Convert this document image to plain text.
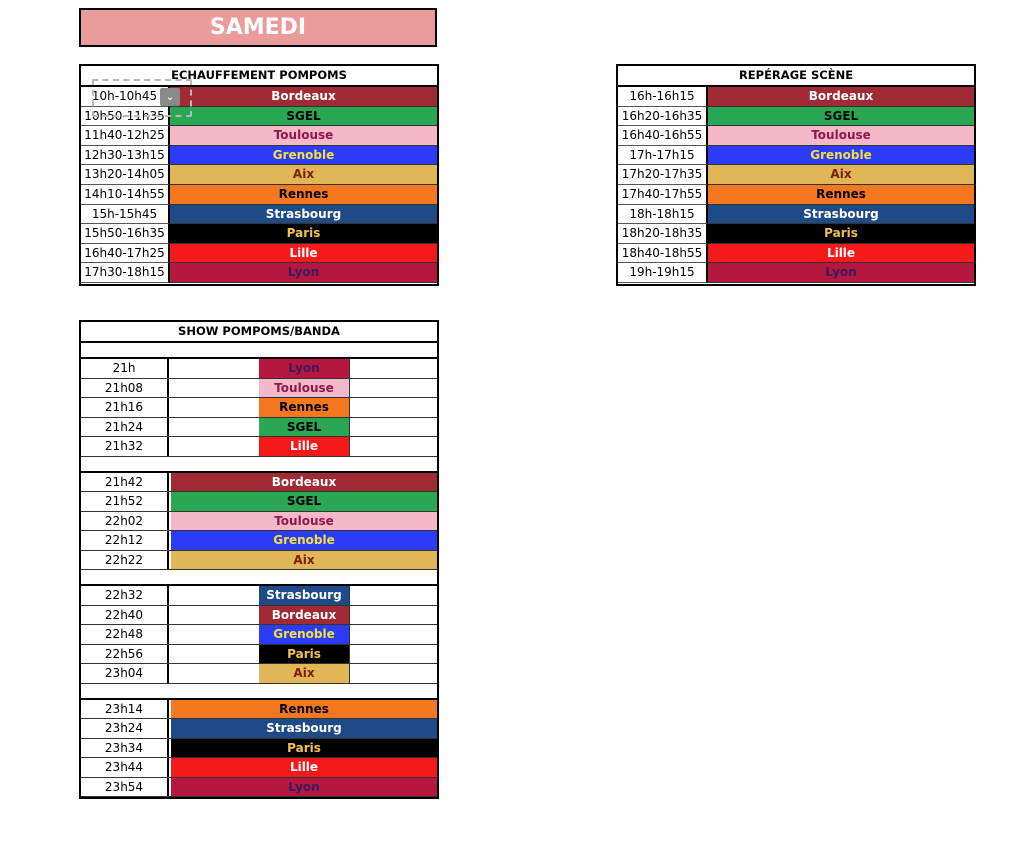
SAMEDI
ECHAUFFEMENT POMPOMS
10h-10h45	Bordeaux
10h50-11h35	SGEL
11h40-12h25	Toulouse
12h30-13h15	Grenoble
13h20-14h05	Aix
14h10-14h55	Rennes
15h-15h45	Strasbourg
15h50-16h35	Paris
16h40-17h25	Lille
17h30-18h15	Lyon
⌄
REPÉRAGE SCÈNE
16h-16h15	Bordeaux
16h20-16h35	SGEL
16h40-16h55	Toulouse
17h-17h15	Grenoble
17h20-17h35	Aix
17h40-17h55	Rennes
18h-18h15	Strasbourg
18h20-18h35	Paris
18h40-18h55	Lille
19h-19h15	Lyon
SHOW POMPOMS/BANDA
21h	Lyon
21h08	Toulouse
21h16	Rennes
21h24	SGEL
21h32	Lille
21h42	Bordeaux
21h52	SGEL
22h02	Toulouse
22h12	Grenoble
22h22	Aix
22h32	Strasbourg
22h40	Bordeaux
22h48	Grenoble
22h56	Paris
23h04	Aix
23h14	Rennes
23h24	Strasbourg
23h34	Paris
23h44	Lille
23h54	Lyon
